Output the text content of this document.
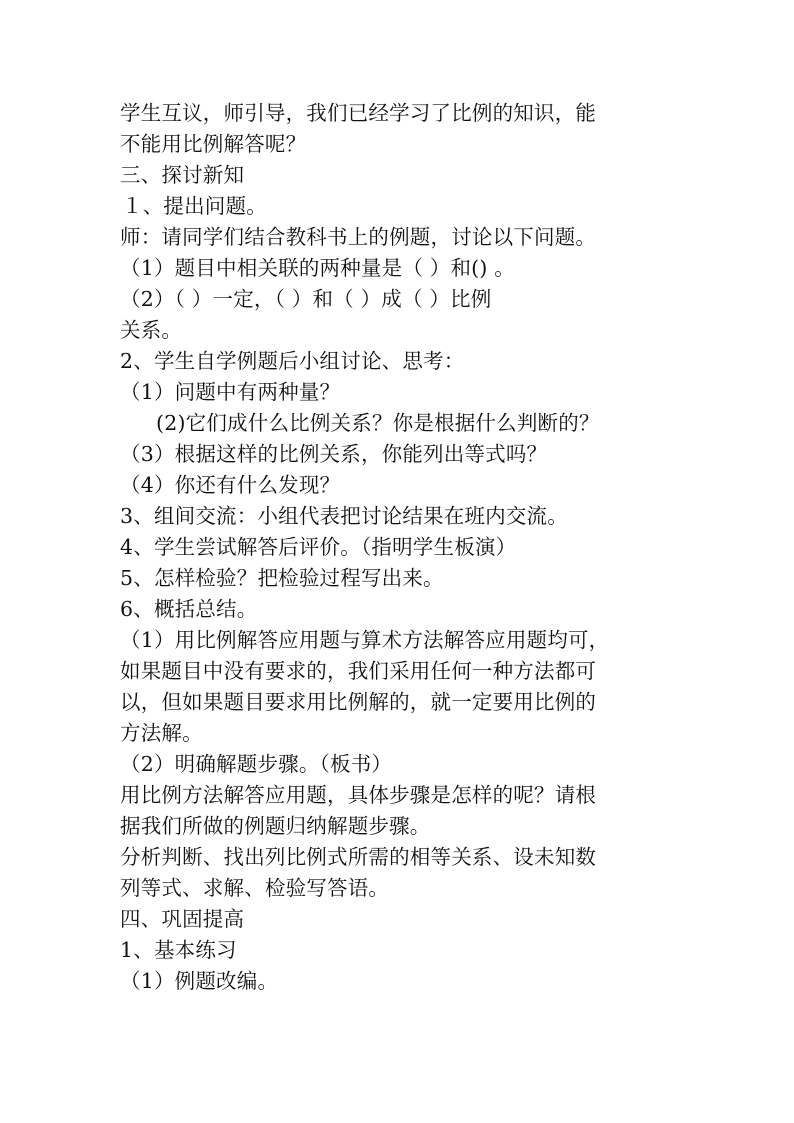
学生互议，师引导，我们已经学习了比例的知识，能
不能用比例解答呢？
三、探讨新知
１、提出问题。
师：请同学们结合教科书上的例题，讨论以下问题。
（1）题目中相关联的两种量是（ ）和() 。
（2）（ ）一定，（ ）和（ ）成（ ）比例
关系。
2、学生自学例题后小组讨论、思考：
（1）问题中有两种量？
(2)它们成什么比例关系？你是根据什么判断的？
（3）根据这样的比例关系，你能列出等式吗？
（4）你还有什么发现？
3、组间交流：小组代表把讨论结果在班内交流。
4、学生尝试解答后评价。（指明学生板演）
5、怎样检验？把检验过程写出来。
6、概括总结。
（1）用比例解答应用题与算术方法解答应用题均可，
如果题目中没有要求的，我们采用任何一种方法都可
以，但如果题目要求用比例解的，就一定要用比例的
方法解。
（2）明确解题步骤。（板书）
用比例方法解答应用题，具体步骤是怎样的呢？请根
据我们所做的例题归纳解题步骤。
分析判断、找出列比例式所需的相等关系、设未知数
列等式、求解、检验写答语。
四、巩固提高
1、基本练习
（1）例题改编。
